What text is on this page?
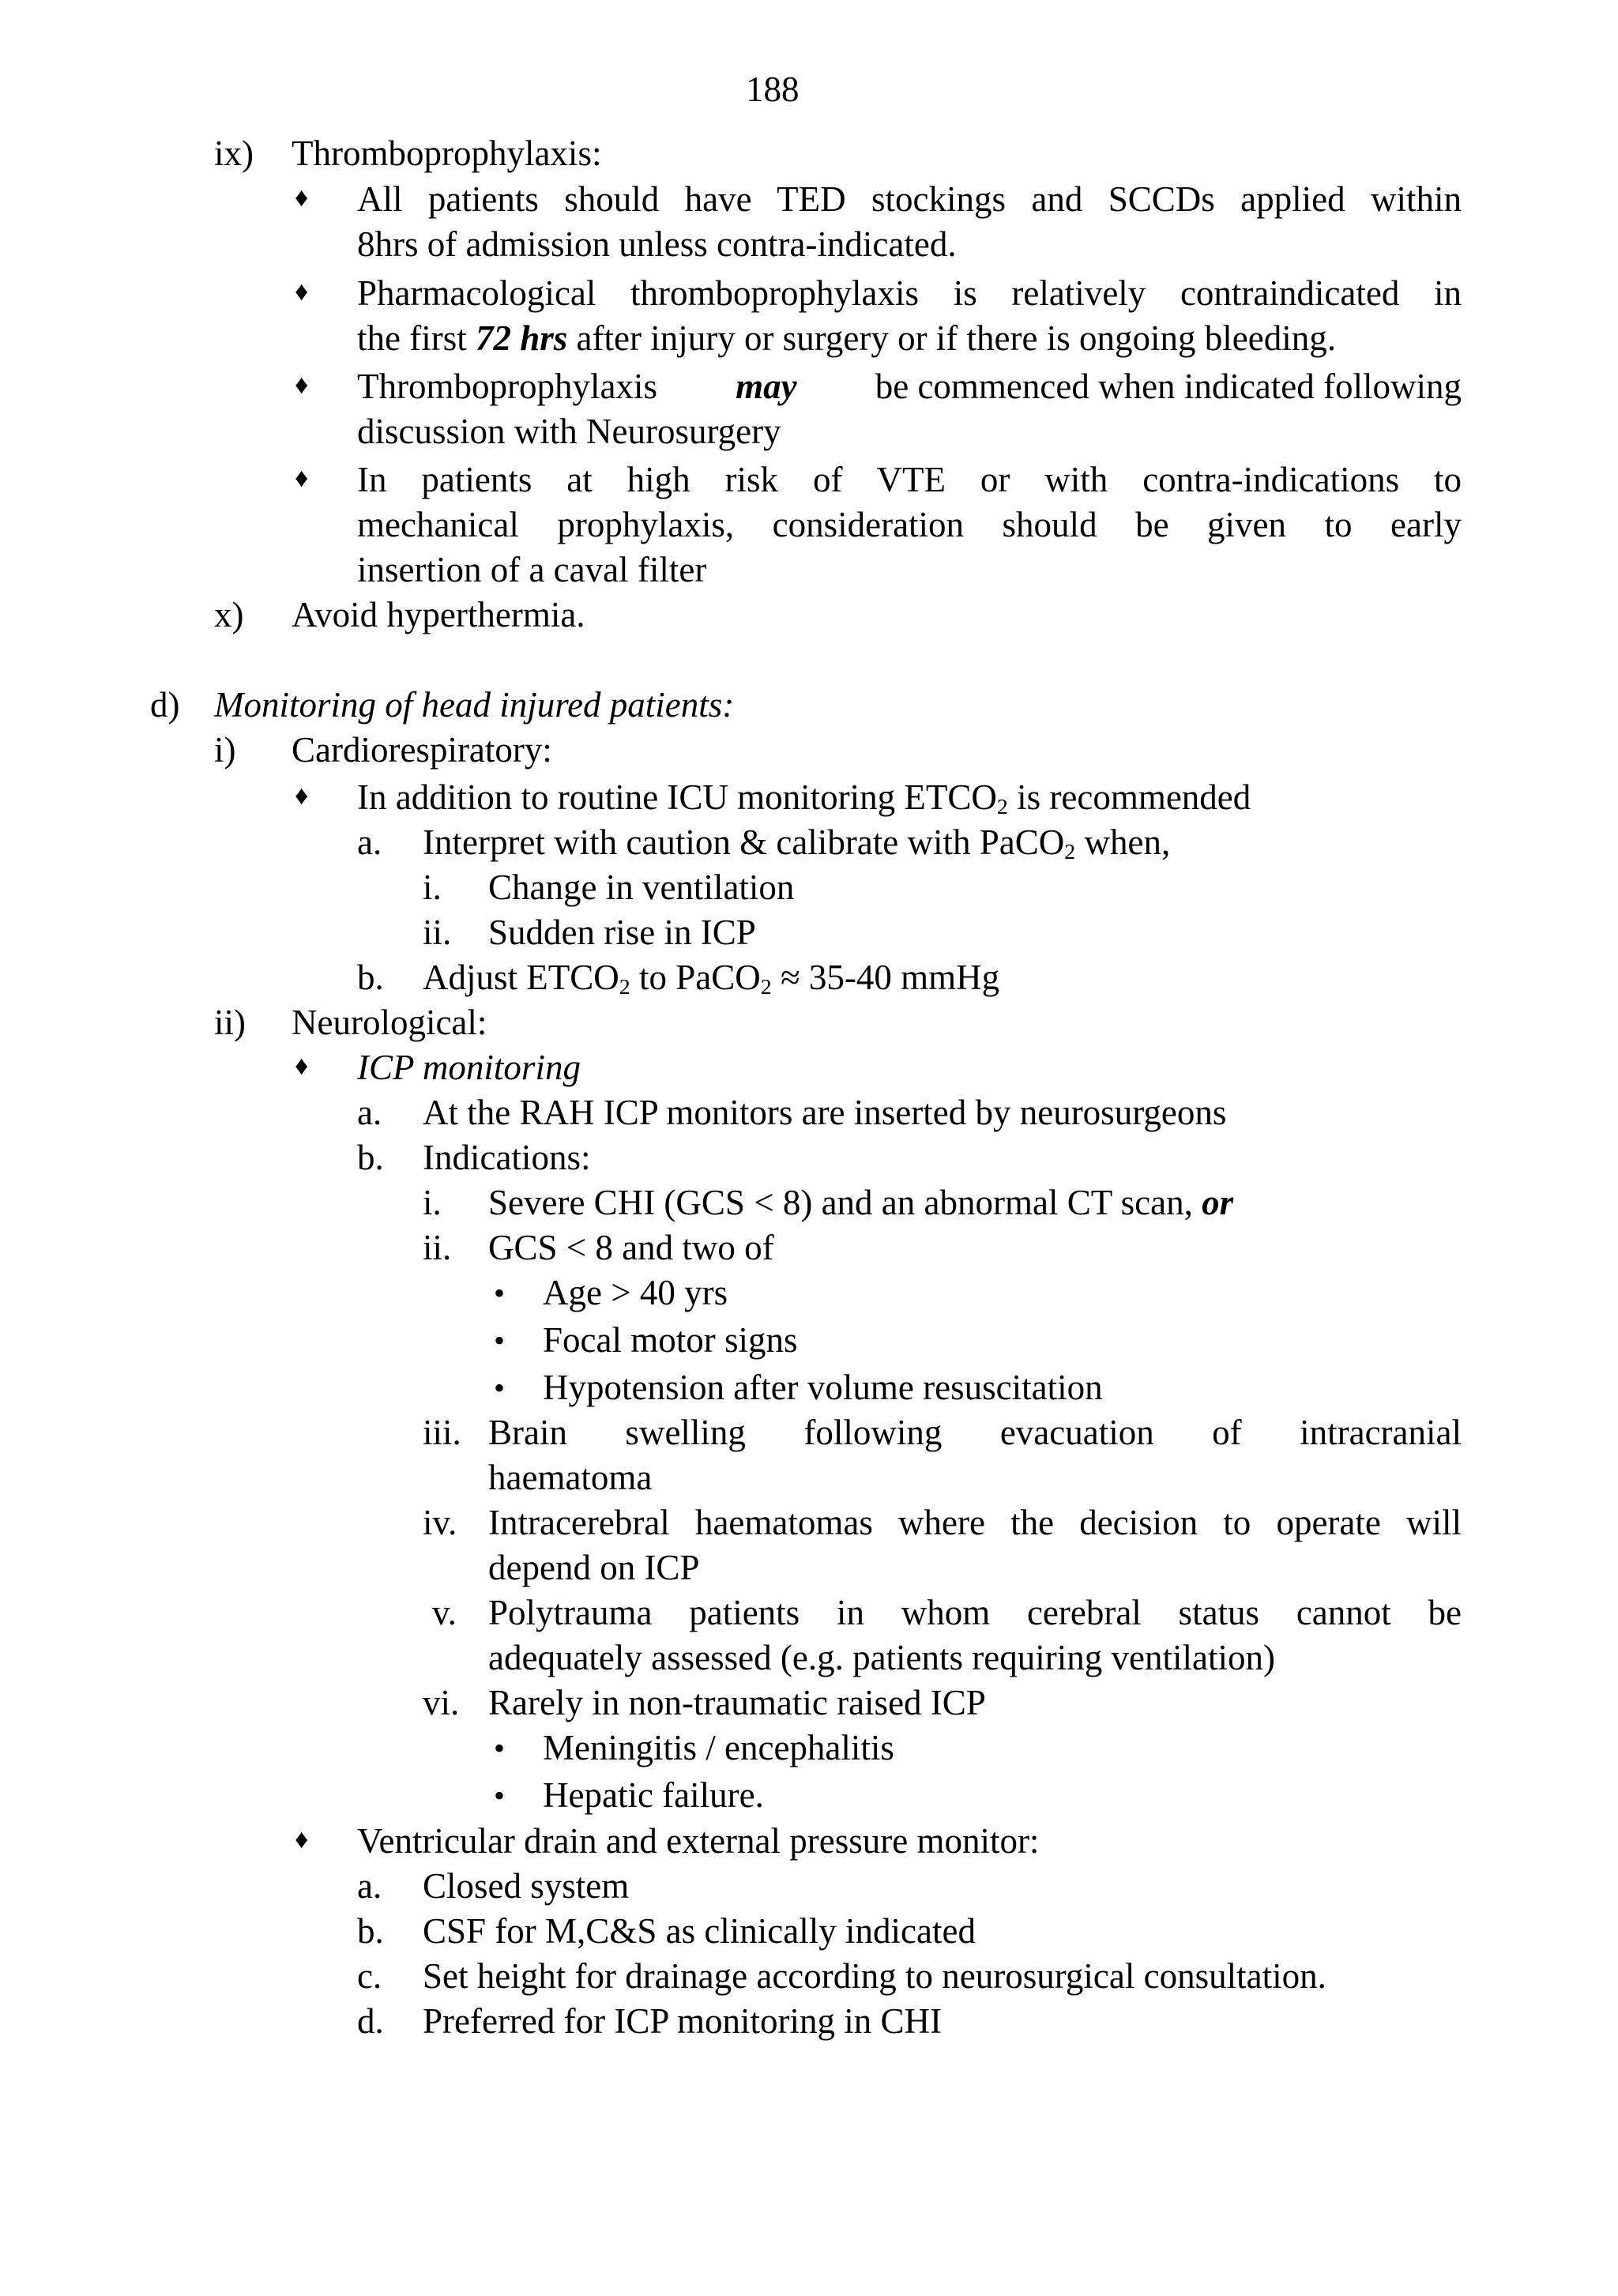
188
ix) Thromboprophylaxis:
♦ All patients should have TED stockings and SCCDs applied within
8hrs of admission unless contra-indicated.
♦ Pharmacological thromboprophylaxis is relatively contraindicated in
the first 72 hrs after injury or surgery or if there is ongoing bleeding.
♦ Thromboprophylaxis may be commenced when indicated following
discussion with Neurosurgery
♦ In patients at high risk of VTE or with contra-indications to
mechanical prophylaxis, consideration should be given to early
insertion of a caval filter
x) Avoid hyperthermia.
d) Monitoring of head injured patients:
i) Cardiorespiratory:
♦ In addition to routine ICU monitoring $ETCO_2$ is recommended
a. Interpret with caution & calibrate with PaCO$_2$ when,
i. Change in ventilation
ii. Sudden rise in ICP
b. Adjust $ETCO_2$ to PaCO$_2$ ≈ 35-40 mmHg
ii) Neurological:
♦ ICP monitoring
a. At the RAH ICP monitors are inserted by neurosurgeons
b. Indications:
i. Severe CHI (GCS < 8) and an abnormal CT scan, or
ii. GCS < 8 and two of
• Age > 40 yrs
• Focal motor signs
• Hypotension after volume resuscitation
iii. Brain swelling following evacuation of intracranial
haematoma
iv. Intracerebral haematomas where the decision to operate will
depend on ICP
v. Polytrauma patients in whom cerebral status cannot be
adequately assessed (e.g. patients requiring ventilation)
vi. Rarely in non-traumatic raised ICP
• Meningitis / encephalitis
• Hepatic failure.
♦ Ventricular drain and external pressure monitor:
a. Closed system
b. CSF for M,C&S as clinically indicated
c. Set height for drainage according to neurosurgical consultation.
d. Preferred for ICP monitoring in CHI
